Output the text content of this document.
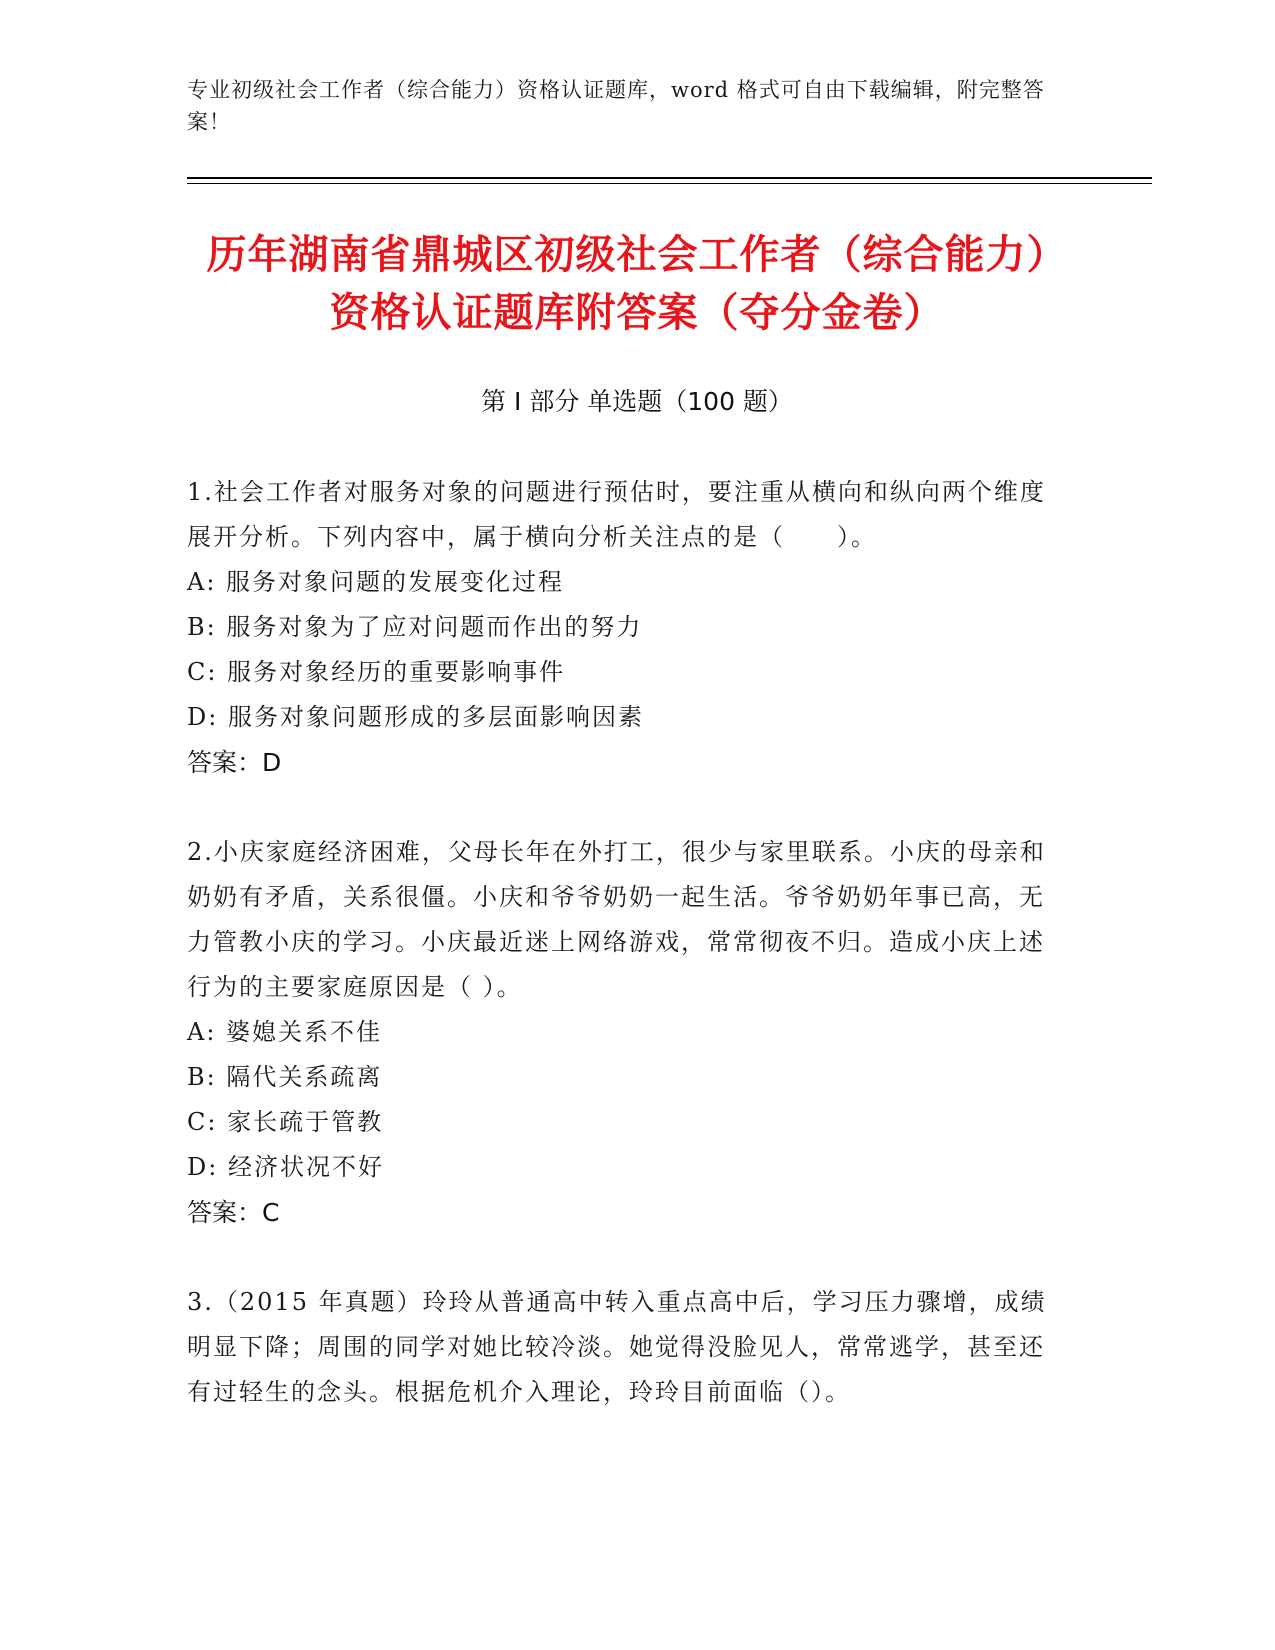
专业初级社会工作者（综合能力）资格认证题库，word 格式可自由下载编辑，附完整答案！
历年湖南省鼎城区初级社会工作者（综合能力）资格认证题库附答案（夺分金卷）
第 I 部分 单选题（100 题）

1.社会工作者对服务对象的问题进行预估时，要注重从横向和纵向两个维度展开分析。下列内容中，属于横向分析关注点的是（　　）。

A: 服务对象问题的发展变化过程

B: 服务对象为了应对问题而作出的努力

C: 服务对象经历的重要影响事件

D: 服务对象问题形成的多层面影响因素

答案：D

2.小庆家庭经济困难，父母长年在外打工，很少与家里联系。小庆的母亲和奶奶有矛盾，关系很僵。小庆和爷爷奶奶一起生活。爷爷奶奶年事已高，无力管教小庆的学习。小庆最近迷上网络游戏，常常彻夜不归。造成小庆上述行为的主要家庭原因是（ ）。

A: 婆媳关系不佳

B: 隔代关系疏离

C: 家长疏于管教

D: 经济状况不好

答案：C

3.（2015 年真题）玲玲从普通高中转入重点高中后，学习压力骤增，成绩明显下降；周围的同学对她比较冷淡。她觉得没脸见人，常常逃学，甚至还有过轻生的念头。根据危机介入理论，玲玲目前面临（）。
